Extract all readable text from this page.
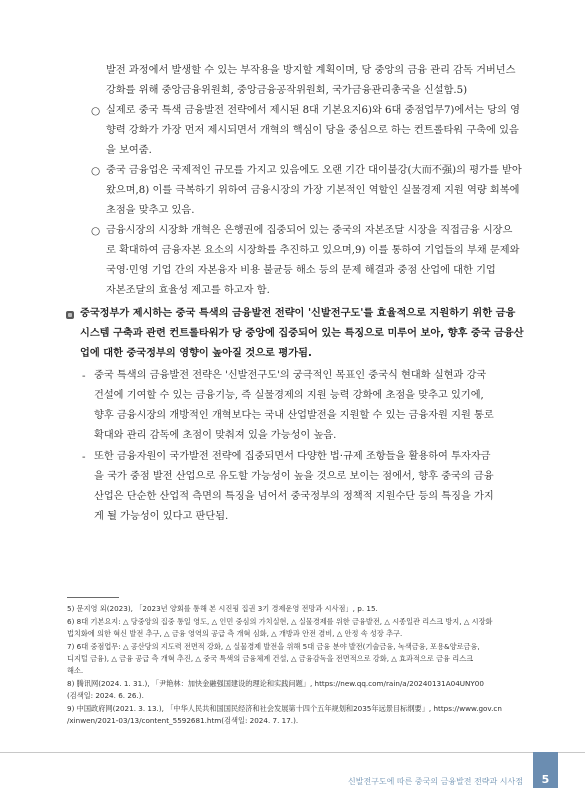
발전 과정에서 발생할 수 있는 부작용을 방지할 계획이며, 당 중앙의 금융 관리 감독 거버넌스
강화를 위해 중앙금융위원회, 중앙금융공작위원회, 국가금융관리총국을 신설함.5)
○ 실제로 중국 특색 금융발전 전략에서 제시된 8대 기본요지6)와 6대 중점업무7)에서는 당의 영
향력 강화가 가장 먼저 제시되면서 개혁의 핵심이 당을 중심으로 하는 컨트롤타워 구축에 있음
을 보여줌.
○ 중국 금융업은 국제적인 규모를 가지고 있음에도 오랜 기간 대이불강(大而不强)의 평가를 받아
왔으며,8) 이를 극복하기 위하여 금융시장의 가장 기본적인 역할인 실물경제 지원 역량 회복에
초점을 맞추고 있음.
○ 금융시장의 시장화 개혁은 은행권에 집중되어 있는 중국의 자본조달 시장을 직접금융 시장으
로 확대하여 금융자본 요소의 시장화를 추진하고 있으며,9) 이를 통하여 기업들의 부채 문제와
국영·민영 기업 간의 자본융자 비용 불균등 해소 등의 문제 해결과 중점 산업에 대한 기업
자본조달의 효율성 제고를 하고자 함.
중국정부가 제시하는 중국 특색의 금융발전 전략이 '신발전구도'를 효율적으로 지원하기 위한 금융
시스템 구축과 관련 컨트롤타워가 당 중앙에 집중되어 있는 특징으로 미루어 보아, 향후 중국 금융산
업에 대한 중국정부의 영향이 높아질 것으로 평가됨.
- 중국 특색의 금융발전 전략은 '신발전구도'의 궁극적인 목표인 중국식 현대화 실현과 강국
건설에 기여할 수 있는 금융기능, 즉 실물경제의 지원 능력 강화에 초점을 맞추고 있기에,
향후 금융시장의 개방적인 개혁보다는 국내 산업발전을 지원할 수 있는 금융자원 지원 통로
확대와 관리 감독에 초점이 맞춰져 있을 가능성이 높음.
- 또한 금융자원이 국가발전 전략에 집중되면서 다양한 법·규제 조항들을 활용하여 투자자금
을 국가 중점 발전 산업으로 유도할 가능성이 높을 것으로 보이는 점에서, 향후 중국의 금융
산업은 단순한 산업적 측면의 특징을 넘어서 중국정부의 정책적 지원수단 등의 특징을 가지
게 될 가능성이 있다고 판단됨.
5) 문지영 외(2023), 「2023년 양회를 통해 본 시진핑 집권 3기 경제운영 전망과 시사점」, p. 15.
6) 8대 기본요지: △ 당중앙의 집중 통일 영도, △ 인민 중심의 가치실현, △ 실물경제를 위한 금융발전, △ 시종일관 리스크 방지, △ 시장화
법치화에 의한 혁신 발전 추구, △ 금융 영역의 공급 측 개혁 심화, △ 개방과 안전 겸비, △ 안정 속 성장 추구.
7) 6대 중점업무: △ 공산당의 지도력 전면적 강화, △ 실물경제 발전을 위해 5대 금융 분야 발전(기술금융, 녹색금융, 포용&양로금융,
디지털 금융), △ 금융 공급 측 개혁 추진, △ 중국 특색의 금융체계 건설, △ 금융감독을 전면적으로 강화, △ 효과적으로 금융 리스크
해소.
8) 腾讯网(2024. 1. 31.), 「尹艳林：加快金融强国建设的理论和实践问题」, https://new.qq.com/rain/a/20240131A04UNY00
(검색일: 2024. 6. 26.).
9) 中国政府网(2021. 3. 13.), 「中华人民共和国国民经济和社会发展第十四个五年规划和2035年远景目标纲要」, https://www.gov.cn
/xinwen/2021-03/13/content_5592681.htm(검색일: 2024. 7. 17.).
신발전구도에 따른 중국의 금융발전 전략과 시사점	5
